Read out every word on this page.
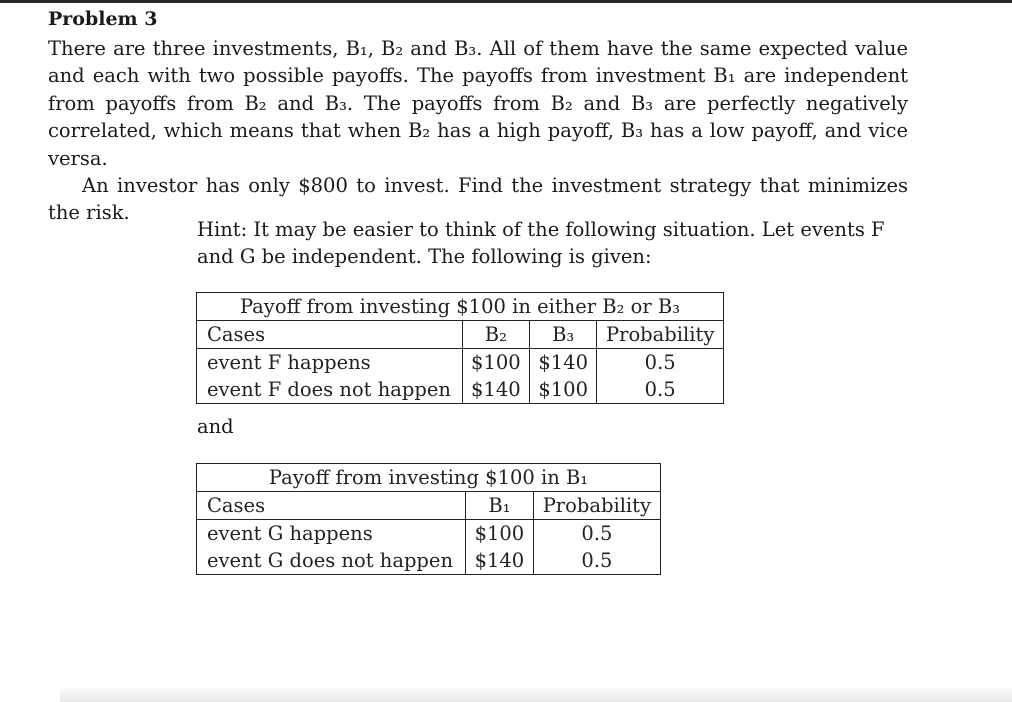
Problem 3

There are three investments, B₁, B₂ and B₃. All of them have the same expected value and each with two possible payoffs. The payoffs from investment B₁ are independent from payoffs from B₂ and B₃. The payoffs from B₂ and B₃ are perfectly negatively correlated, which means that when B₂ has a high payoff, B₃ has a low payoff, and vice versa.

An investor has only $800 to invest. Find the investment strategy that minimizes the risk.

Hint: It may be easier to think of the following situation. Let events F and G be independent. The following is given:
Payoff from investing $100 in either B₂ or B₃			
Cases	B₂	B₃	Probability
event F happens	$100	$140	0.5
event F does not happen	$140	$100	0.5
and
Payoff from investing $100 in B₁		
Cases	B₁	Probability
event G happens	$100	0.5
event G does not happen	$140	0.5
